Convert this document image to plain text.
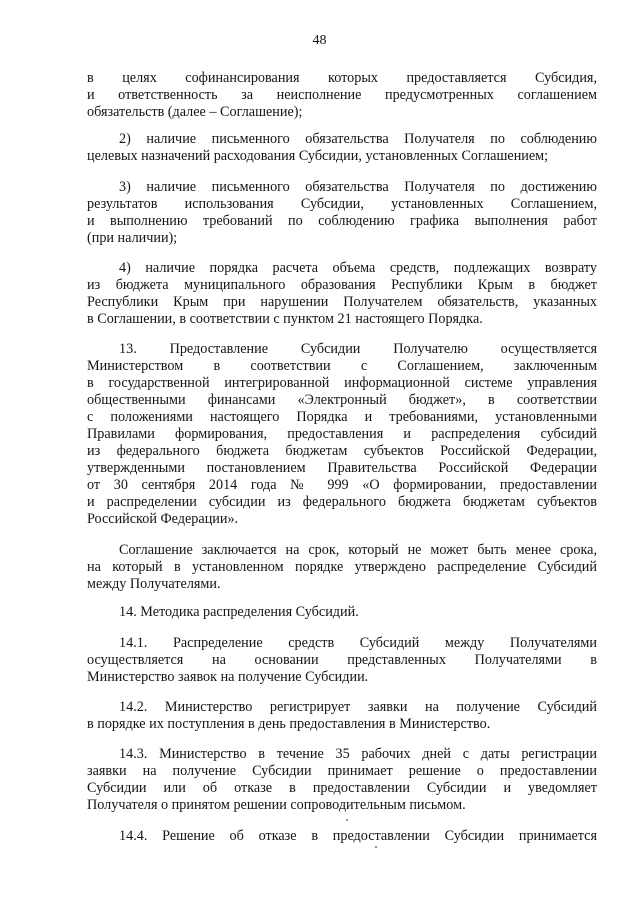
48
в целях софинансирования которых предоставляется Субсидия,
и ответственность за неисполнение предусмотренных соглашением
обязательств (далее – Соглашение);
2) наличие письменного обязательства Получателя по соблюдению
целевых назначений расходования Субсидии, установленных Соглашением;
3) наличие письменного обязательства Получателя по достижению
результатов использования Субсидии, установленных Соглашением,
и выполнению требований по соблюдению графика выполнения работ
(при наличии);
4) наличие порядка расчета объема средств, подлежащих возврату
из бюджета муниципального образования Республики Крым в бюджет
Республики Крым при нарушении Получателем обязательств, указанных
в Соглашении, в соответствии с пунктом 21 настоящего Порядка.
13. Предоставление Субсидии Получателю осуществляется
Министерством в соответствии с Соглашением, заключенным
в государственной интегрированной информационной системе управления
общественными финансами «Электронный бюджет», в соответствии
с положениями настоящего Порядка и требованиями, установленными
Правилами формирования, предоставления и распределения субсидий
из федерального бюджета бюджетам субъектов Российской Федерации,
утвержденными постановлением Правительства Российской Федерации
от 30 сентября 2014 года № 999 «О формировании, предоставлении
и распределении субсидии из федерального бюджета бюджетам субъектов
Российской Федерации».
Соглашение заключается на срок, который не может быть менее срока,
на который в установленном порядке утверждено распределение Субсидий
между Получателями.
14. Методика распределения Субсидий.
14.1. Распределение средств Субсидий между Получателями
осуществляется на основании представленных Получателями в
Министерство заявок на получение Субсидии.
14.2. Министерство регистрирует заявки на получение Субсидий
в порядке их поступления в день предоставления в Министерство.
14.3. Министерство в течение 35 рабочих дней с даты регистрации
заявки на получение Субсидии принимает решение о предоставлении
Субсидии или об отказе в предоставлении Субсидии и уведомляет
Получателя о принятом решении сопроводительным письмом.
14.4. Решение об отказе в предоставлении Субсидии принимается
